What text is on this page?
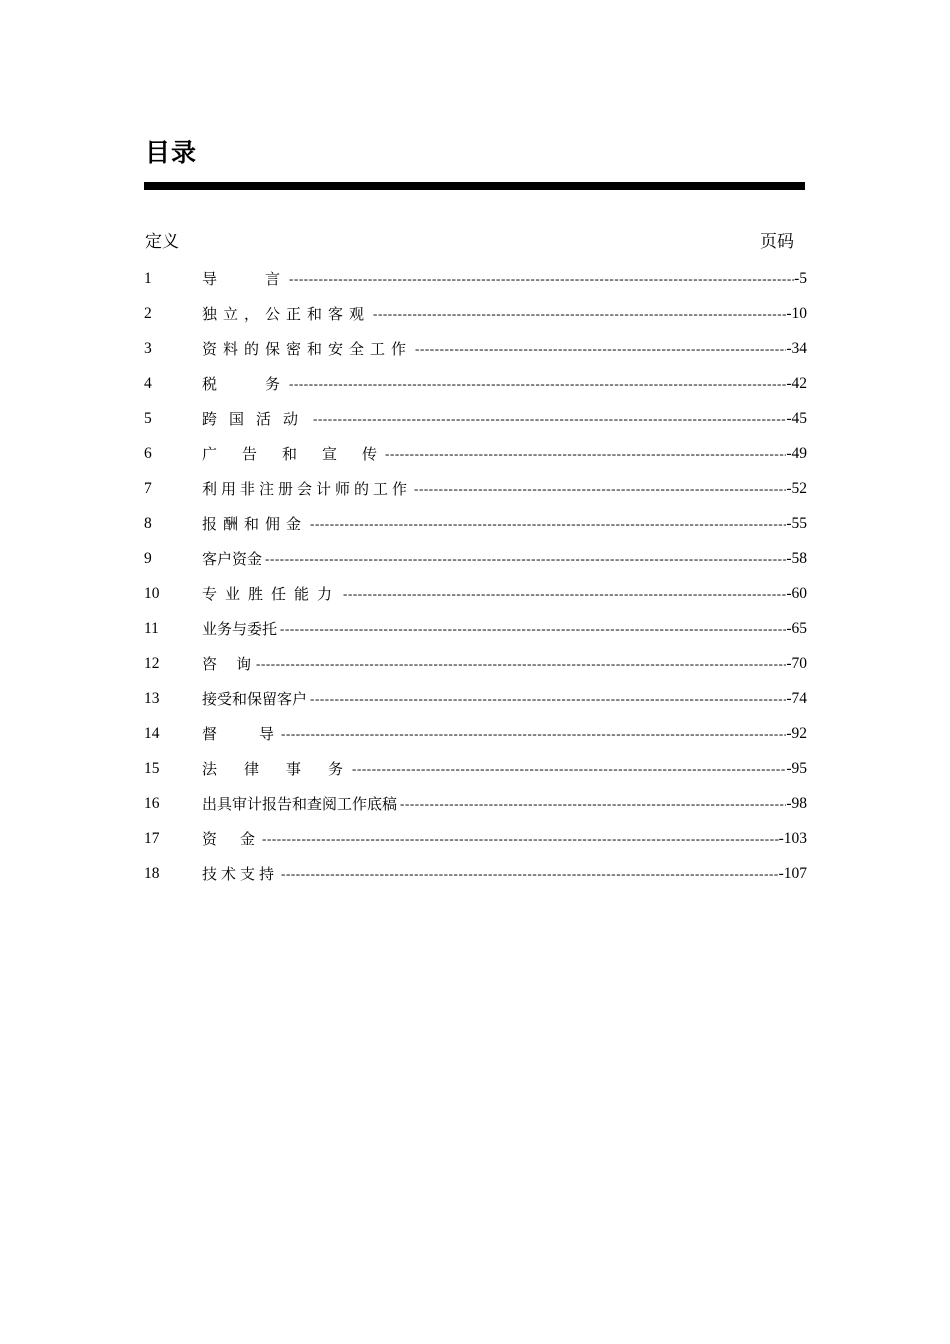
目录
定义	页码
1	导　　言 -----	-5
2	独立，公正和客观 -----	-10
3	资料的保密和安全工作 -----	-34
4	税　　务 -----	-42
5	跨国活动 -----	-45
6	广　告　和　宣　传 -----	-49
7	利用非注册会计师的工作 -----	-52
8	报酬和佣金 -----	-55
9	客户资金 -----	-58
10	专业胜任能力 -----	-60
11	业务与委托 -----	-65
12	咨　询 -----	-70
13	接受和保留客户 -----	-74
14	督　　导 -----	-92
15	法　律　事　务 -----	-95
16	出具审计报告和查阅工作底稿 -----	-98
17	资　金 -----	-103
18	技术支持 -----	-107
